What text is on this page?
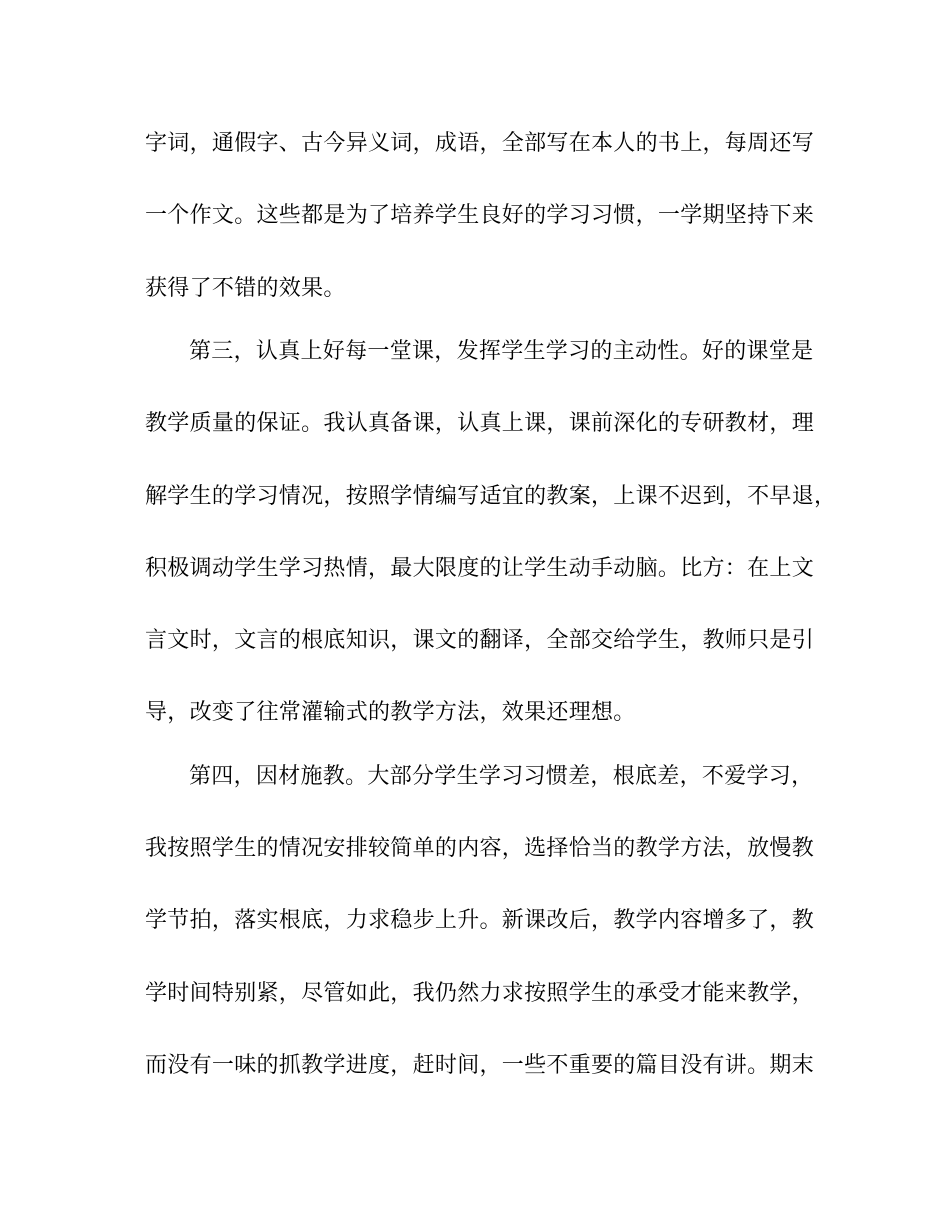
字词，通假字、古今异义词，成语，全部写在本人的书上，每周还写
一个作文。这些都是为了培养学生良好的学习习惯，一学期坚持下来
获得了不错的效果。
第三，认真上好每一堂课，发挥学生学习的主动性。好的课堂是
教学质量的保证。我认真备课，认真上课，课前深化的专研教材，理
解学生的学习情况，按照学情编写适宜的教案，上课不迟到，不早退，
积极调动学生学习热情，最大限度的让学生动手动脑。比方：在上文
言文时，文言的根底知识，课文的翻译，全部交给学生，教师只是引
导，改变了往常灌输式的教学方法，效果还理想。
第四，因材施教。大部分学生学习习惯差，根底差，不爱学习，
我按照学生的情况安排较简单的内容，选择恰当的教学方法，放慢教
学节拍，落实根底，力求稳步上升。新课改后，教学内容增多了，教
学时间特别紧，尽管如此，我仍然力求按照学生的承受才能来教学，
而没有一味的抓教学进度，赶时间，一些不重要的篇目没有讲。期末
